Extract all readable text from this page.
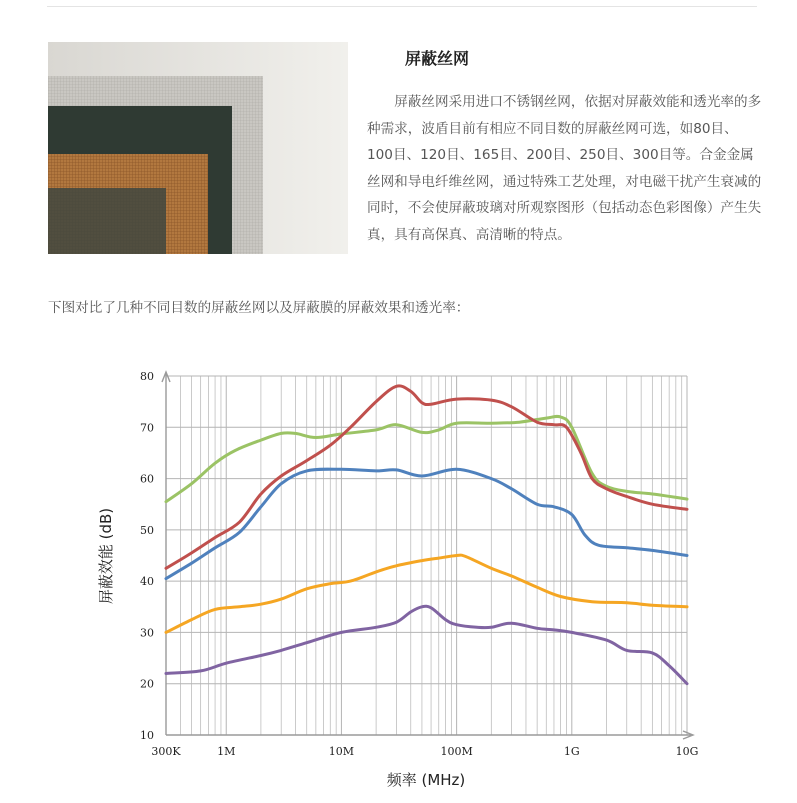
屏蔽丝网

屏蔽丝网采用进口不锈钢丝网，依据对屏蔽效能和透光率的多种需求，波盾目前有相应不同目数的屏蔽丝网可选，如80目、100目、120目、165目、200目、250目、300目等。合金金属丝网和导电纤维丝网，通过特殊工艺处理，对电磁干扰产生衰减的同时，不会使屏蔽玻璃对所观察图形（包括动态色彩图像）产生失真，具有高保真、高清晰的特点。

下图对比了几种不同目数的屏蔽丝网以及屏蔽膜的屏蔽效果和透光率：
10
20
30
40
50
60
70
80
300K	1M	10M	100M	1G	10G
频率 (MHz)
屏蔽效能 (dB)
